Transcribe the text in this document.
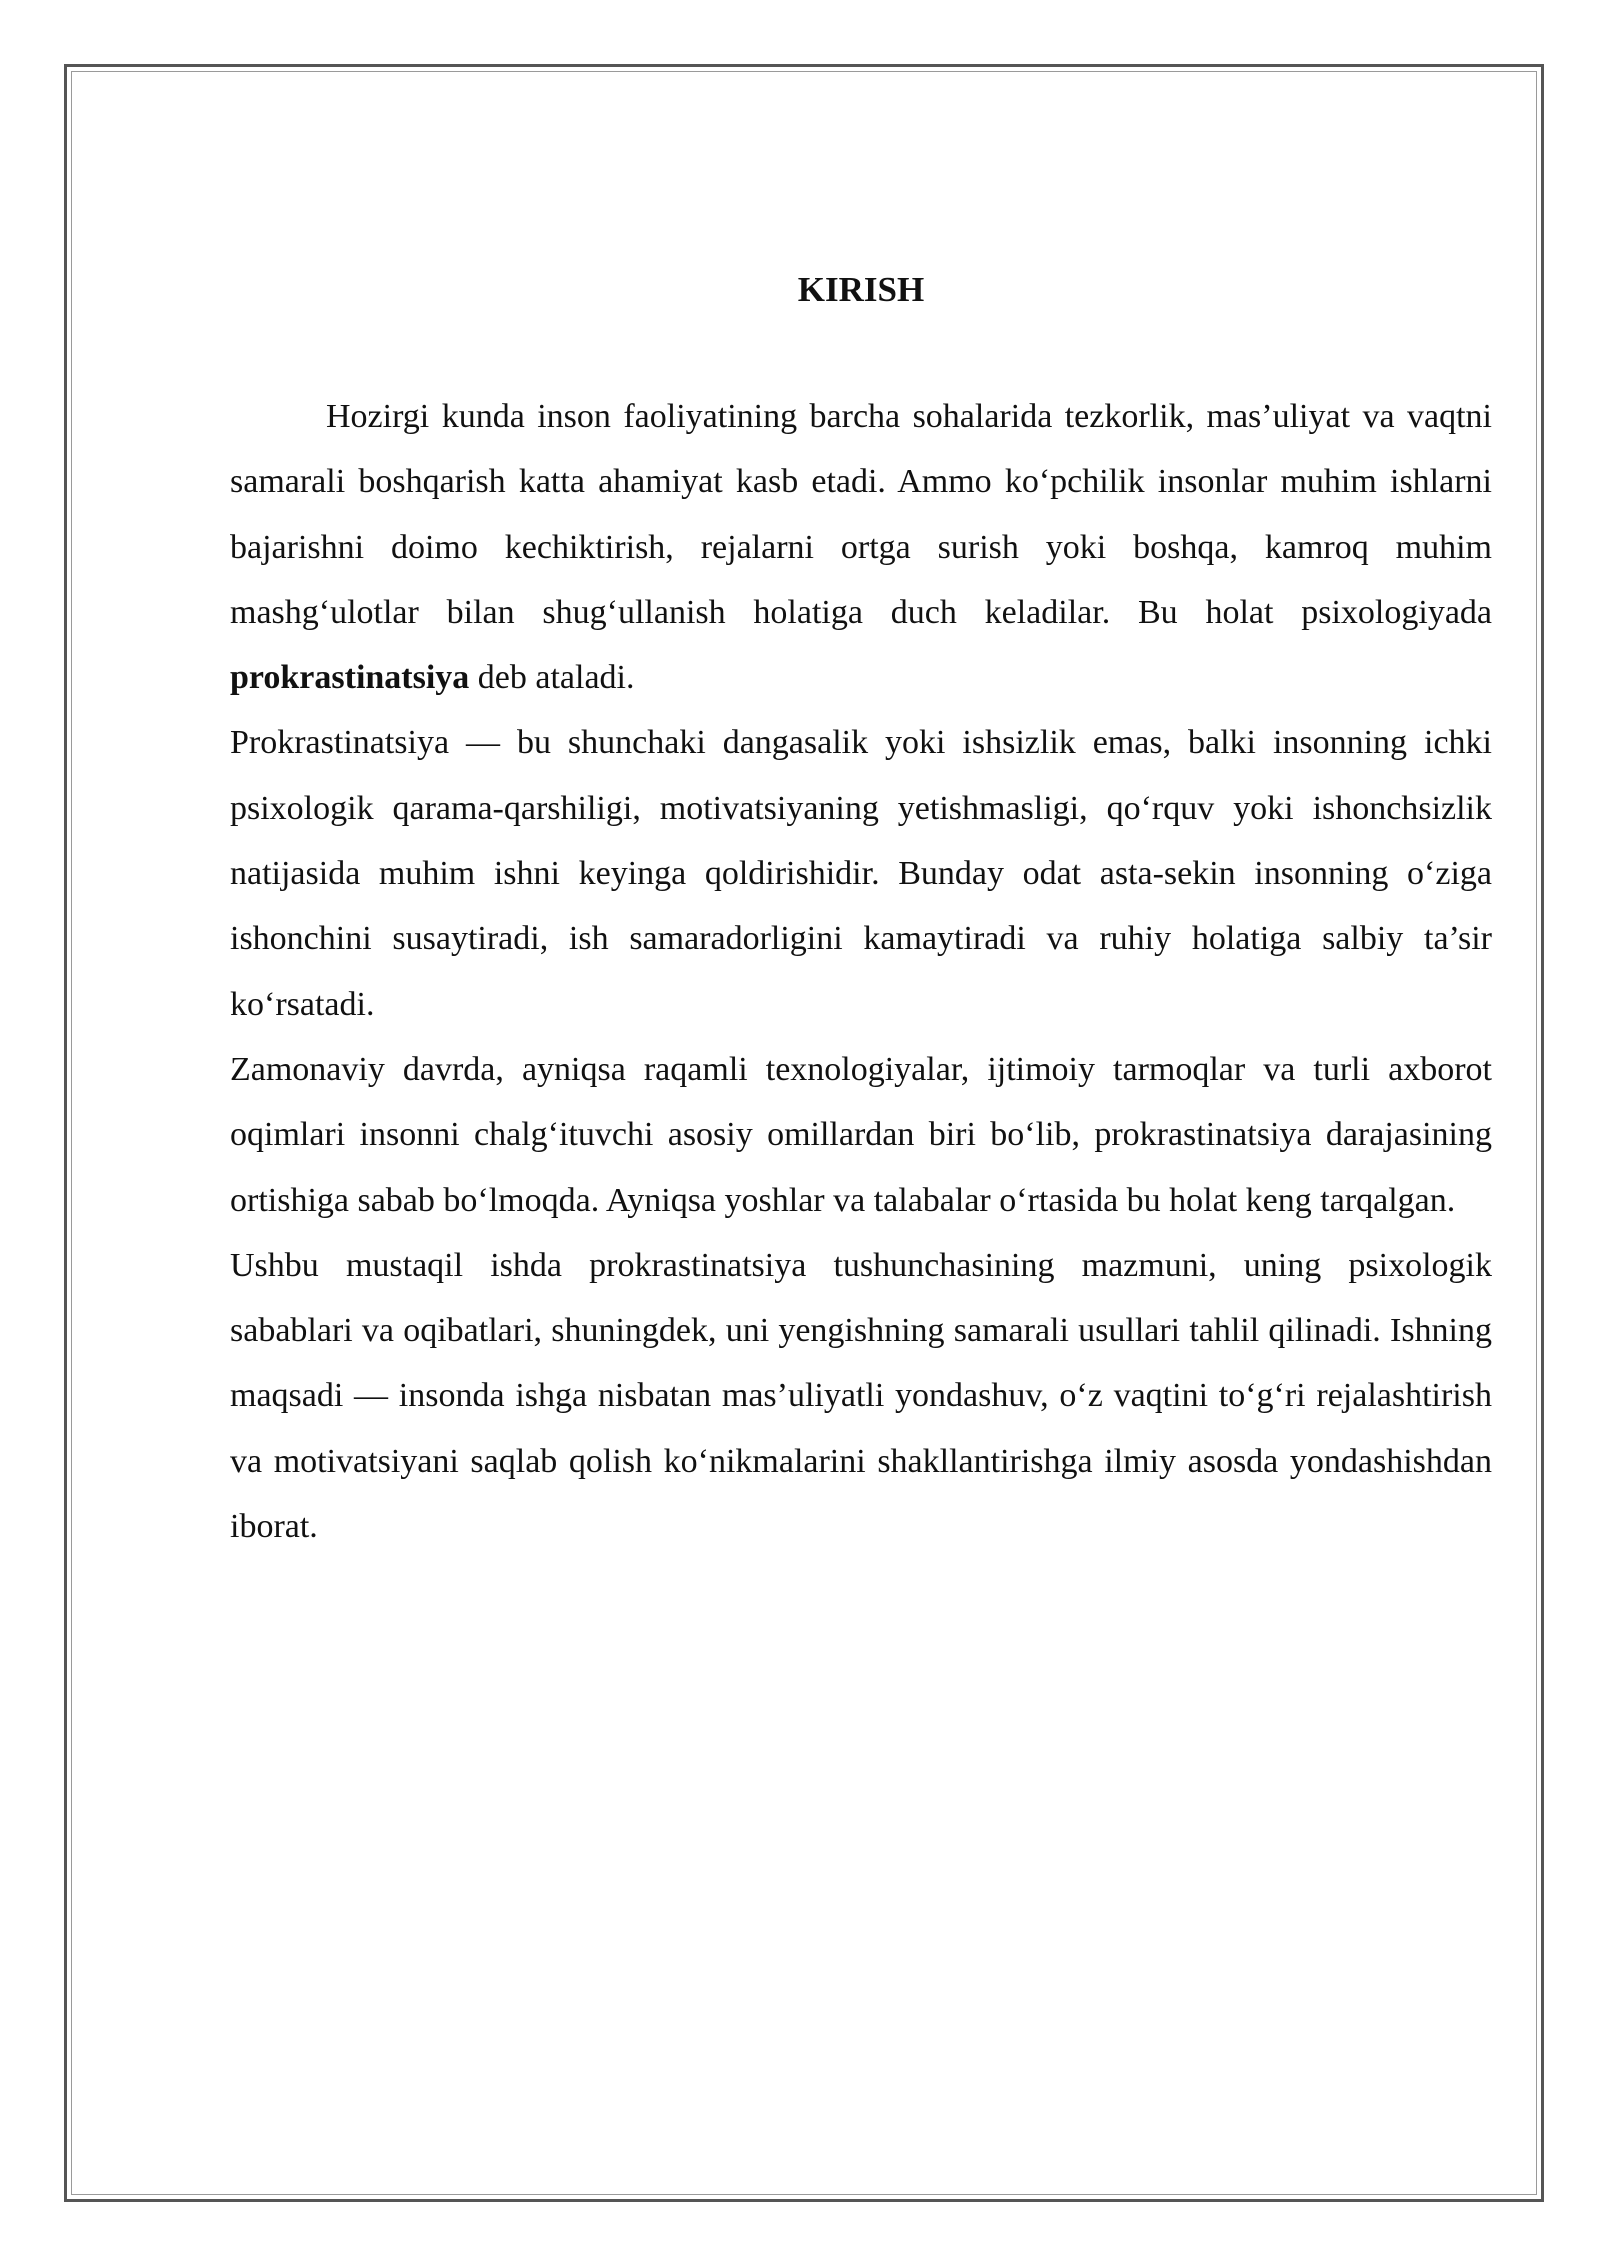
KIRISH

Hozirgi kunda inson faoliyatining barcha sohalarida tezkorlik, mas’uliyat va vaqtni samarali boshqarish katta ahamiyat kasb etadi. Ammo ko‘pchilik insonlar muhim ishlarni bajarishni doimo kechiktirish, rejalarni ortga surish yoki boshqa, kamroq muhim mashg‘ulotlar bilan shug‘ullanish holatiga duch keladilar. Bu holat psixologiyada prokrastinatsiya deb ataladi.

Prokrastinatsiya — bu shunchaki dangasalik yoki ishsizlik emas, balki insonning ichki psixologik qarama-qarshiligi, motivatsiyaning yetishmasligi, qo‘rquv yoki ishonchsizlik natijasida muhim ishni keyinga qoldirishidir. Bunday odat asta-sekin insonning o‘ziga ishonchini susaytiradi, ish samaradorligini kamaytiradi va ruhiy holatiga salbiy ta’sir ko‘rsatadi.

Zamonaviy davrda, ayniqsa raqamli texnologiyalar, ijtimoiy tarmoqlar va turli axborot oqimlari insonni chalg‘ituvchi asosiy omillardan biri bo‘lib, prokrastinatsiya darajasining ortishiga sabab bo‘lmoqda. Ayniqsa yoshlar va talabalar o‘rtasida bu holat keng tarqalgan.

Ushbu mustaqil ishda prokrastinatsiya tushunchasining mazmuni, uning psixologik sabablari va oqibatlari, shuningdek, uni yengishning samarali usullari tahlil qilinadi. Ishning maqsadi — insonda ishga nisbatan mas’uliyatli yondashuv, o‘z vaqtini to‘g‘ri rejalashtirish va motivatsiyani saqlab qolish ko‘nikmalarini shakllantirishga ilmiy asosda yondashishdan iborat.
